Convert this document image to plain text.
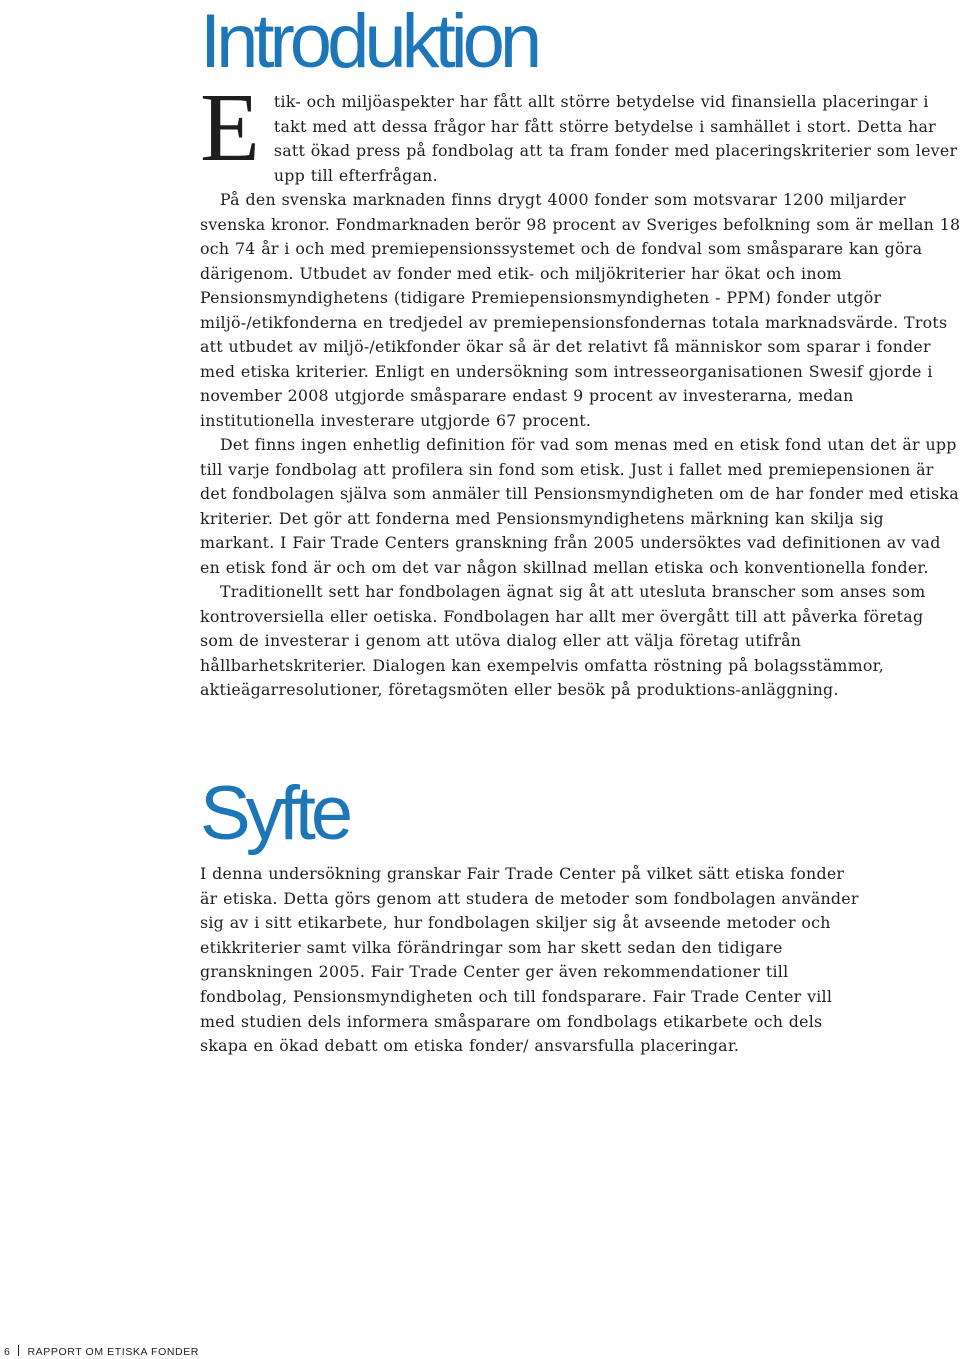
Introduktion

Etik- och miljöaspekter har fått allt större betydelse vid finansiella placeringar i takt med att dessa frågor har fått större betydelse i samhället i stort. Detta har satt ökad press på fondbolag att ta fram fonder med placeringskriterier som lever upp till efterfrågan.

På den svenska marknaden finns drygt 4000 fonder som motsvarar 1200 miljarder svenska kronor. Fondmarknaden berör 98 procent av Sveriges befolkning som är mellan 18 och 74 år i och med premiepensionssystemet och de fondval som småsparare kan göra därigenom. Utbudet av fonder med etik- och miljökriterier har ökat och inom Pensionsmyndighetens (tidigare Premiepensionsmyndigheten - PPM) fonder utgör miljö-/etikfonderna en tredjedel av premiepensionsfondernas totala marknadsvärde. Trots att utbudet av miljö-/etikfonder ökar så är det relativt få människor som sparar i fonder med etiska kriterier. Enligt en undersökning som intresseorganisationen Swesif gjorde i november 2008 utgjorde småsparare endast 9 procent av investerarna, medan institutionella investerare utgjorde 67 procent.

Det finns ingen enhetlig definition för vad som menas med en etisk fond utan det är upp till varje fondbolag att profilera sin fond som etisk. Just i fallet med premiepensionen är det fondbolagen själva som anmäler till Pensionsmyndigheten om de har fonder med etiska kriterier. Det gör att fonderna med Pensionsmyndighetens märkning kan skilja sig markant. I Fair Trade Centers granskning från 2005 undersöktes vad definitionen av vad en etisk fond är och om det var någon skillnad mellan etiska och konventionella fonder.

Traditionellt sett har fondbolagen ägnat sig åt att utesluta branscher som anses som kontroversiella eller oetiska. Fondbolagen har allt mer övergått till att påverka företag som de investerar i genom att utöva dialog eller att välja företag utifrån hållbarhetskriterier. Dialogen kan exempelvis omfatta röstning på bolagsstämmor, aktieägarresolutioner, företagsmöten eller besök på produktions-anläggning.

Syfte

I denna undersökning granskar Fair Trade Center på vilket sätt etiska fonder är etiska. Detta görs genom att studera de metoder som fondbolagen använder sig av i sitt etikarbete, hur fondbolagen skiljer sig åt avseende metoder och etikkriterier samt vilka förändringar som har skett sedan den tidigare granskningen 2005. Fair Trade Center ger även rekommendationer till fondbolag, Pensionsmyndigheten och till fondsparare. Fair Trade Center vill med studien dels informera småsparare om fondbolags etikarbete och dels skapa en ökad debatt om etiska fonder/ ansvarsfulla placeringar.

6 RAPPORT OM ETISKA FONDER
